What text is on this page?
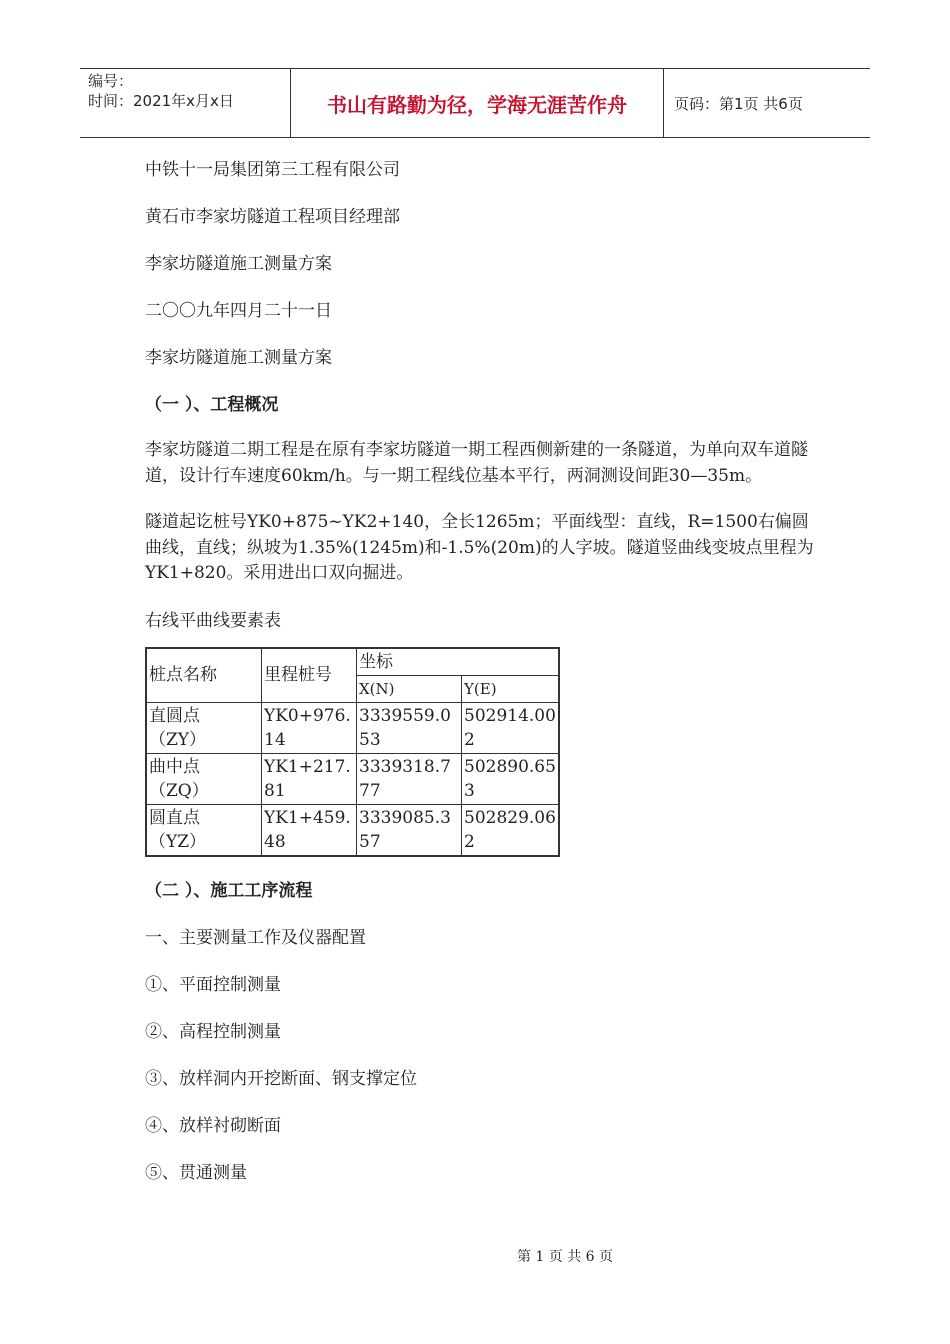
编号：
时间：2021年x月x日	书山有路勤为径，学海无涯苦作舟	页码：第1页 共6页

中铁十一局集团第三工程有限公司

黄石市李家坊隧道工程项目经理部

李家坊隧道施工测量方案

二〇〇九年四月二十一日

李家坊隧道施工测量方案

（一 ）、工程概况

李家坊隧道二期工程是在原有李家坊隧道一期工程西侧新建的一条隧道，为单向双车道隧道，设计行车速度60km/h。与一期工程线位基本平行，两洞测设间距30—35m。

隧道起讫桩号YK0+875~YK2+140，全长1265m；平面线型：直线，R=1500右偏圆曲线，直线；纵坡为1.35%(1245m)和-1.5%(20m)的人字坡。隧道竖曲线变坡点里程为YK1+820。采用进出口双向掘进。

右线平曲线要素表

桩点名称	里程桩号	坐标	
		X(N)	Y(E)
直圆点
（ZY）	YK0+976.14	3339559.053	502914.002
曲中点
（ZQ）	YK1+217.81	3339318.777	502890.653
圆直点
（YZ）	YK1+459.48	3339085.357	502829.062

（二 ）、施工工序流程

一、主要测量工作及仪器配置

①、平面控制测量

②、高程控制测量

③、放样洞内开挖断面、钢支撑定位

④、放样衬砌断面

⑤、贯通测量

第 1 页 共 6 页
